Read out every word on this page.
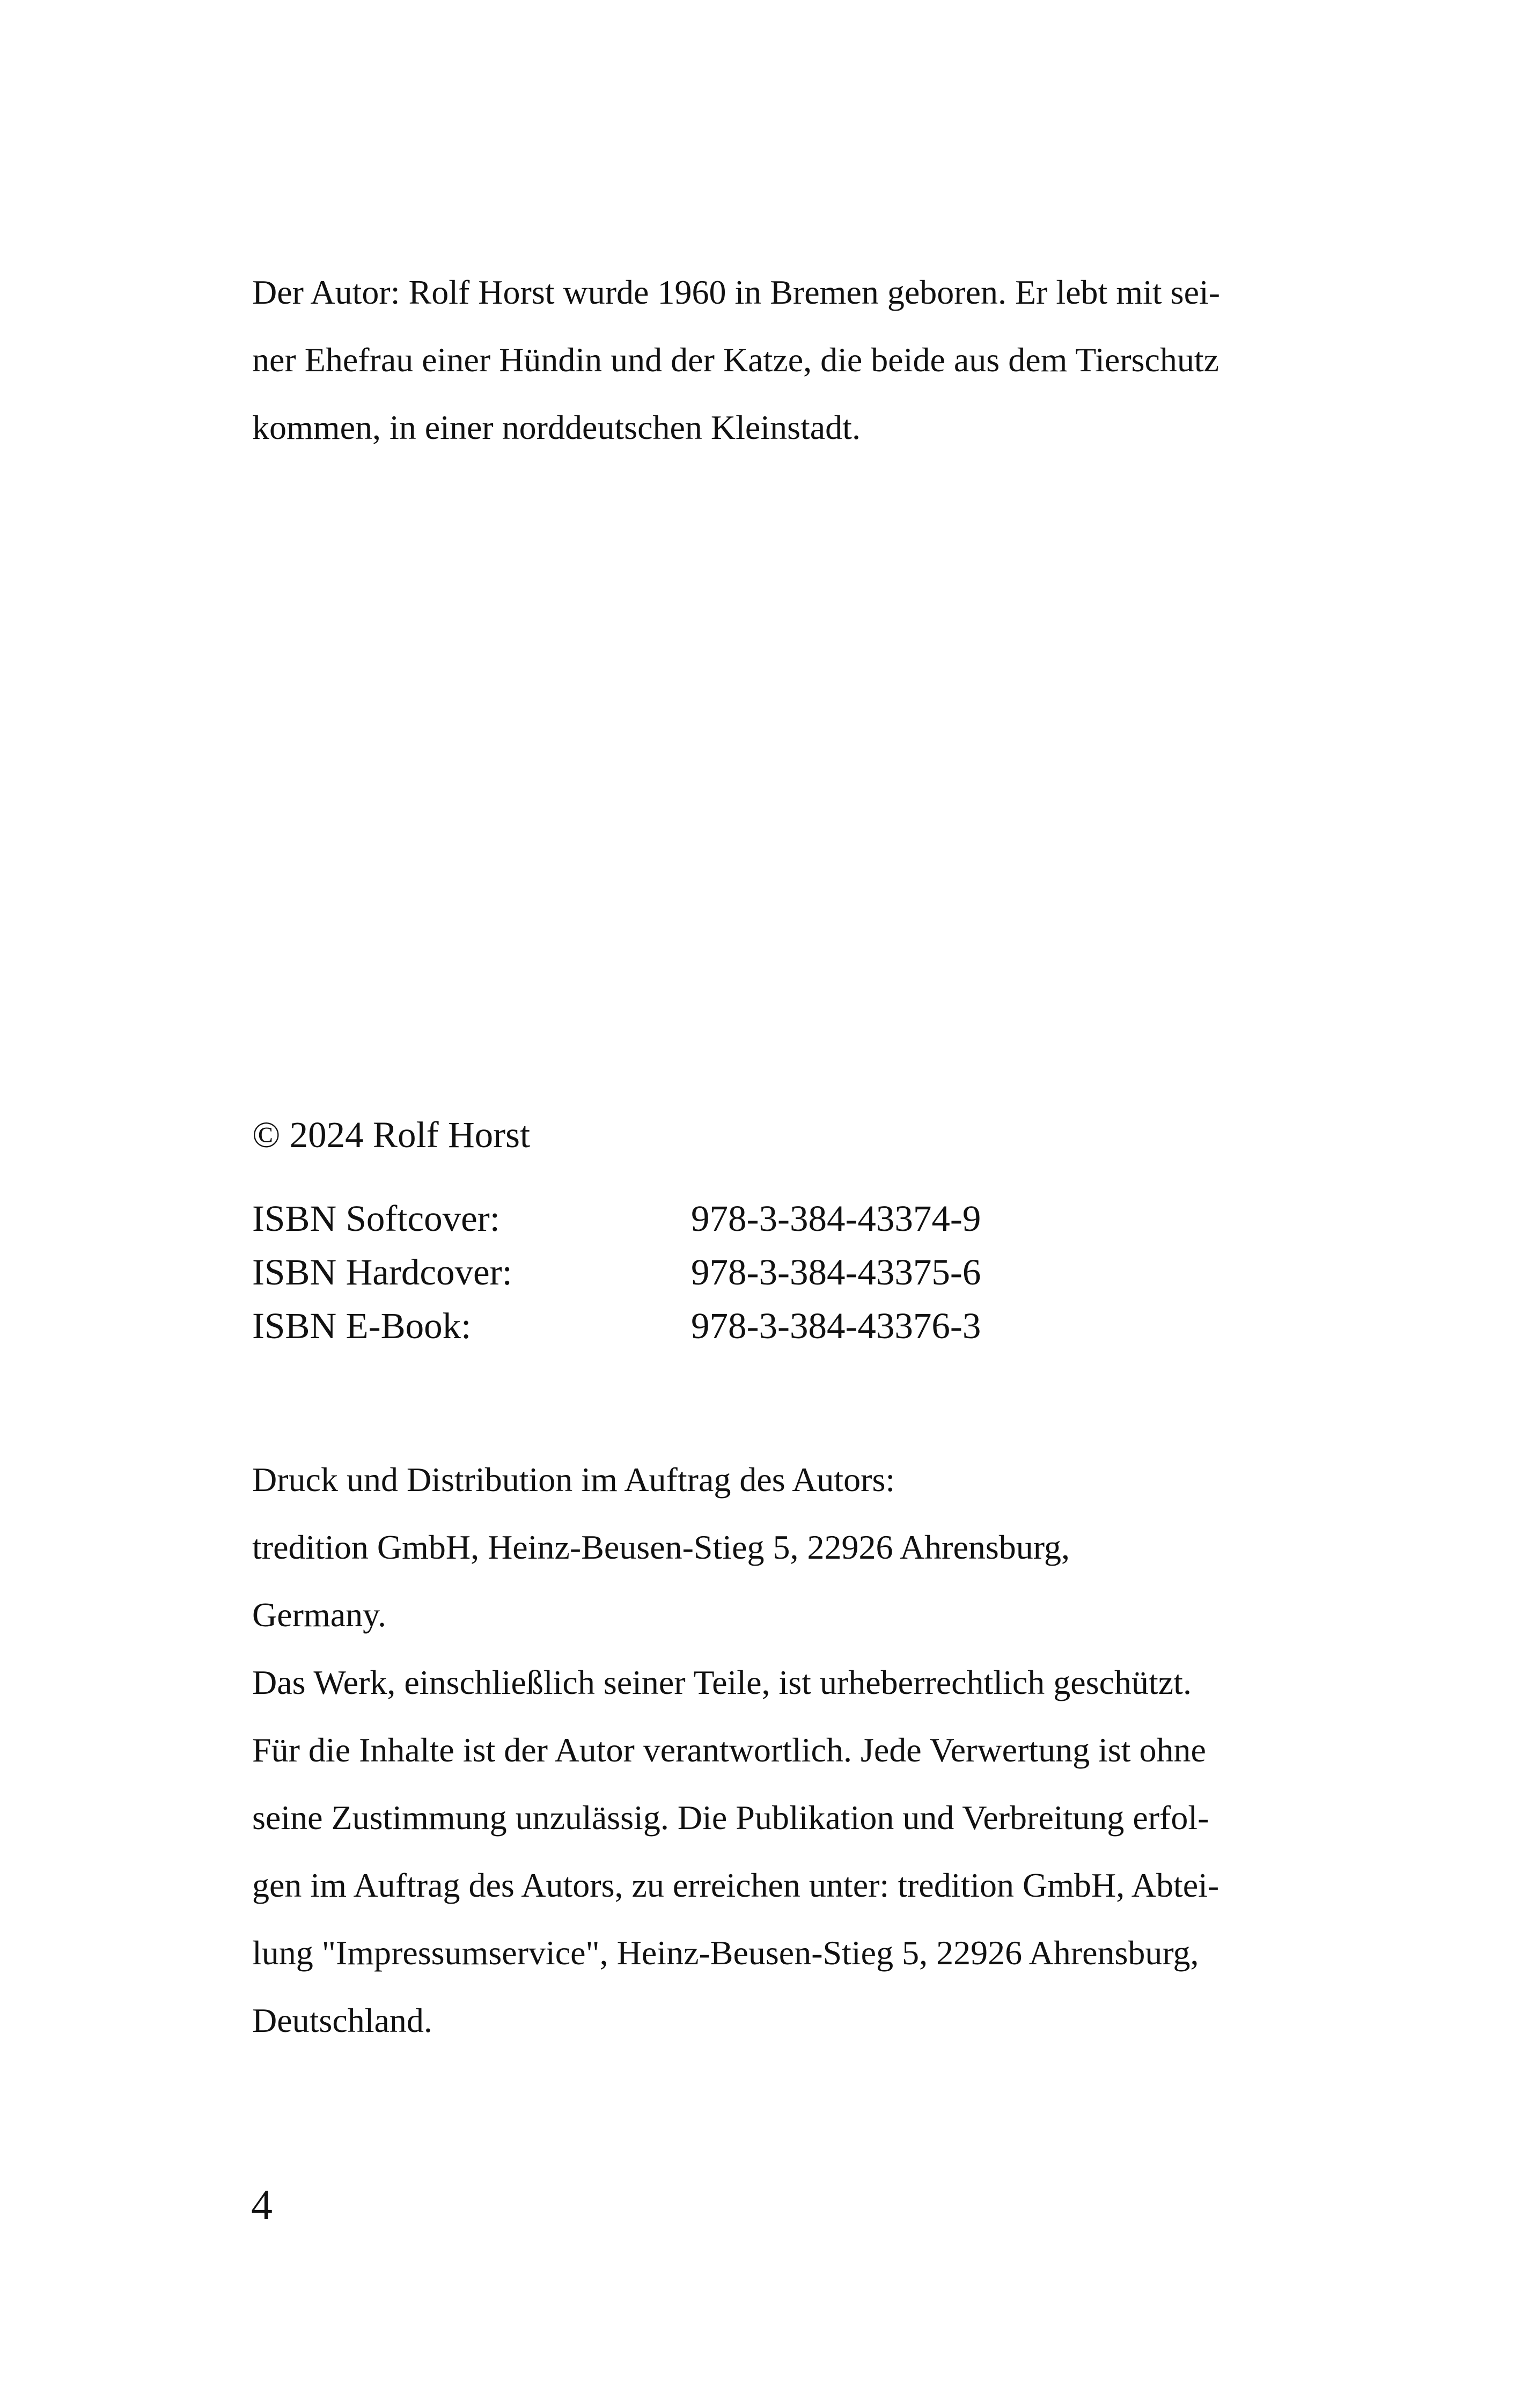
Der Autor: Rolf Horst wurde 1960 in Bremen geboren. Er lebt mit sei-
ner Ehefrau einer Hündin und der Katze, die beide aus dem Tierschutz
kommen, in einer norddeutschen Kleinstadt.
© 2024 Rolf Horst
ISBN Softcover:	978-3-384-43374-9
ISBN Hardcover:	978-3-384-43375-6
ISBN E-Book:	978-3-384-43376-3
Druck und Distribution im Auftrag des Autors:
tredition GmbH, Heinz-Beusen-Stieg 5, 22926 Ahrensburg,
Germany.
Das Werk, einschließlich seiner Teile, ist urheberrechtlich geschützt.
Für die Inhalte ist der Autor verantwortlich. Jede Verwertung ist ohne
seine Zustimmung unzulässig. Die Publikation und Verbreitung erfol-
gen im Auftrag des Autors, zu erreichen unter: tredition GmbH, Abtei-
lung "Impressumservice", Heinz-Beusen-Stieg 5, 22926 Ahrensburg,
Deutschland.
4
